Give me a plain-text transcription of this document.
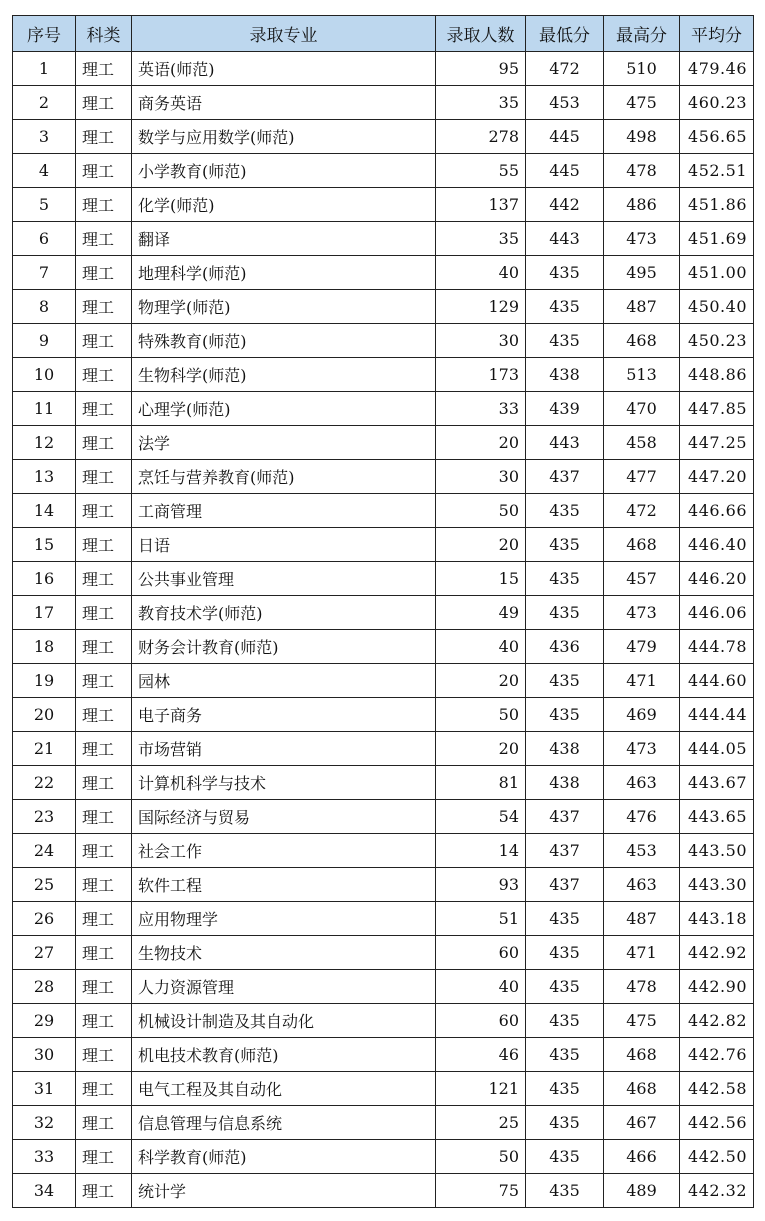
序号	科类	录取专业	录取人数	最低分	最高分	平均分
1	理工	英语(师范)	95	472	510	479.46
2	理工	商务英语	35	453	475	460.23
3	理工	数学与应用数学(师范)	278	445	498	456.65
4	理工	小学教育(师范)	55	445	478	452.51
5	理工	化学(师范)	137	442	486	451.86
6	理工	翻译	35	443	473	451.69
7	理工	地理科学(师范)	40	435	495	451.00
8	理工	物理学(师范)	129	435	487	450.40
9	理工	特殊教育(师范)	30	435	468	450.23
10	理工	生物科学(师范)	173	438	513	448.86
11	理工	心理学(师范)	33	439	470	447.85
12	理工	法学	20	443	458	447.25
13	理工	烹饪与营养教育(师范)	30	437	477	447.20
14	理工	工商管理	50	435	472	446.66
15	理工	日语	20	435	468	446.40
16	理工	公共事业管理	15	435	457	446.20
17	理工	教育技术学(师范)	49	435	473	446.06
18	理工	财务会计教育(师范)	40	436	479	444.78
19	理工	园林	20	435	471	444.60
20	理工	电子商务	50	435	469	444.44
21	理工	市场营销	20	438	473	444.05
22	理工	计算机科学与技术	81	438	463	443.67
23	理工	国际经济与贸易	54	437	476	443.65
24	理工	社会工作	14	437	453	443.50
25	理工	软件工程	93	437	463	443.30
26	理工	应用物理学	51	435	487	443.18
27	理工	生物技术	60	435	471	442.92
28	理工	人力资源管理	40	435	478	442.90
29	理工	机械设计制造及其自动化	60	435	475	442.82
30	理工	机电技术教育(师范)	46	435	468	442.76
31	理工	电气工程及其自动化	121	435	468	442.58
32	理工	信息管理与信息系统	25	435	467	442.56
33	理工	科学教育(师范)	50	435	466	442.50
34	理工	统计学	75	435	489	442.32
